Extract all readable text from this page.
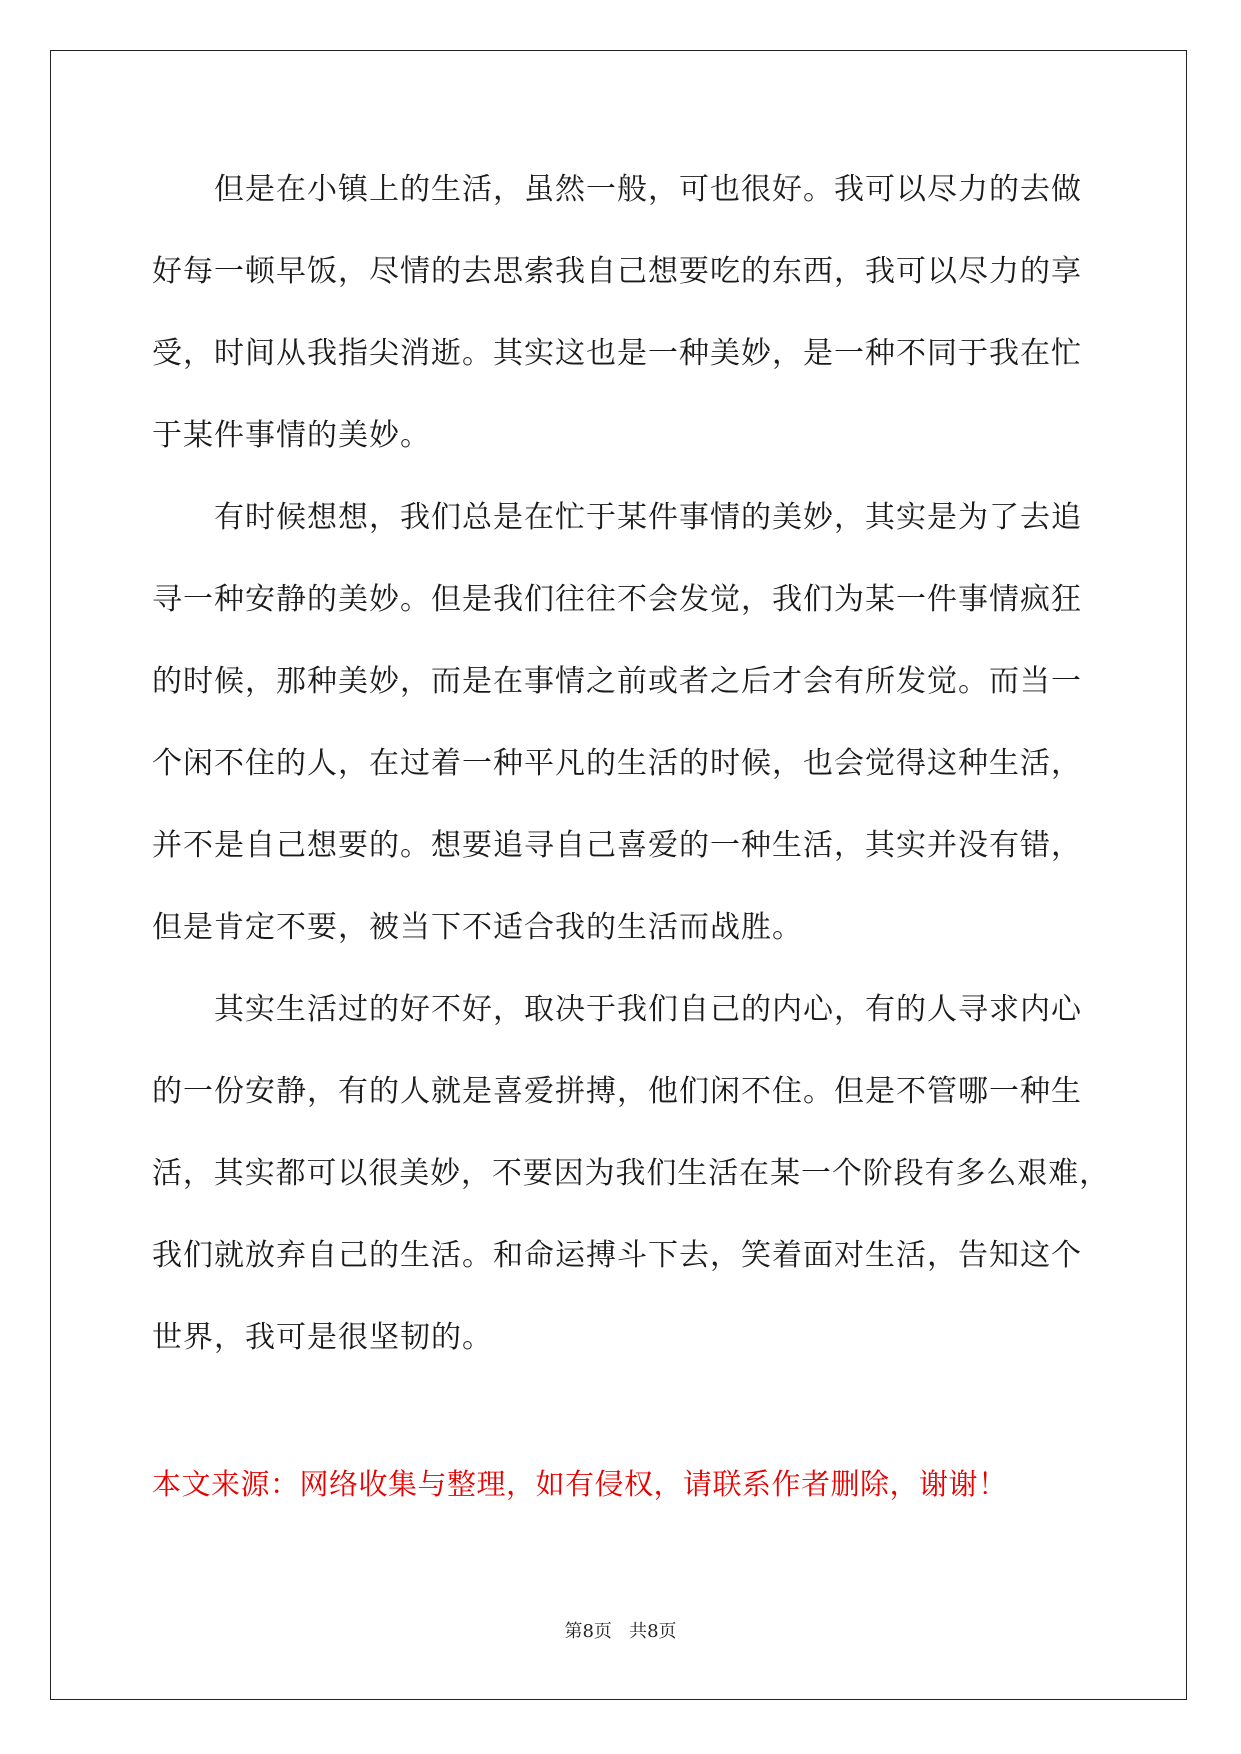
但是在小镇上的生活，虽然一般，可也很好。我可以尽力的去做
好每一顿早饭，尽情的去思索我自己想要吃的东西，我可以尽力的享
受，时间从我指尖消逝。其实这也是一种美妙，是一种不同于我在忙
于某件事情的美妙。
有时候想想，我们总是在忙于某件事情的美妙，其实是为了去追
寻一种安静的美妙。但是我们往往不会发觉，我们为某一件事情疯狂
的时候，那种美妙，而是在事情之前或者之后才会有所发觉。而当一
个闲不住的人，在过着一种平凡的生活的时候，也会觉得这种生活，
并不是自己想要的。想要追寻自己喜爱的一种生活，其实并没有错，
但是肯定不要，被当下不适合我的生活而战胜。
其实生活过的好不好，取决于我们自己的内心，有的人寻求内心
的一份安静，有的人就是喜爱拼搏，他们闲不住。但是不管哪一种生
活，其实都可以很美妙，不要因为我们生活在某一个阶段有多么艰难，
我们就放弃自己的生活。和命运搏斗下去，笑着面对生活，告知这个
世界，我可是很坚韧的。
本文来源：网络收集与整理，如有侵权，请联系作者删除，谢谢！
第8页 共8页
